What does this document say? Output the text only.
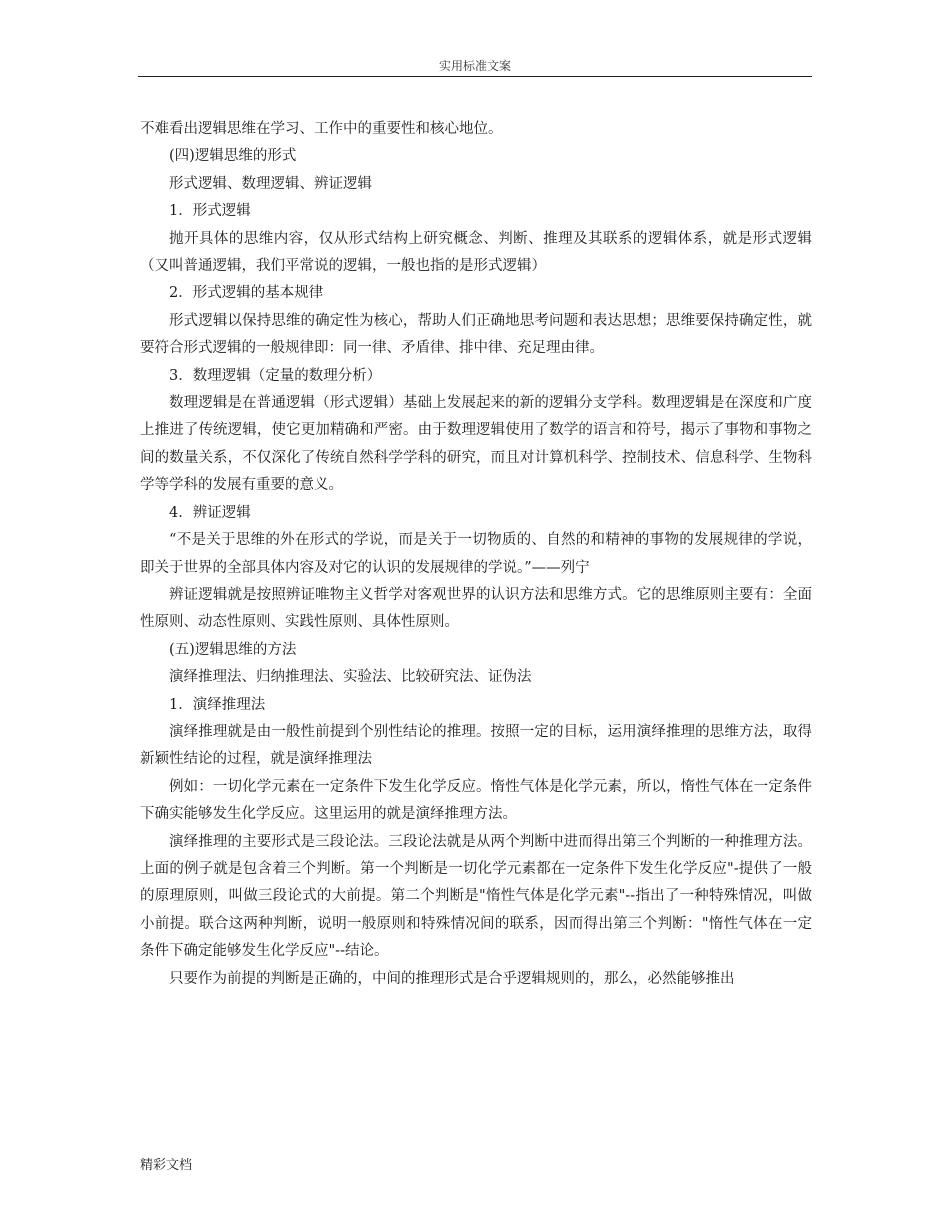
实用标准文案

不难看出逻辑思维在学习、工作中的重要性和核心地位。

(四)逻辑思维的形式

形式逻辑、数理逻辑、辨证逻辑

1．形式逻辑

抛开具体的思维内容，仅从形式结构上研究概念、判断、推理及其联系的逻辑体系，就是形式逻辑（又叫普通逻辑，我们平常说的逻辑，一般也指的是形式逻辑）

2．形式逻辑的基本规律

形式逻辑以保持思维的确定性为核心，帮助人们正确地思考问题和表达思想；思维要保持确定性，就要符合形式逻辑的一般规律即：同一律、矛盾律、排中律、充足理由律。

3．数理逻辑（定量的数理分析）

数理逻辑是在普通逻辑（形式逻辑）基础上发展起来的新的逻辑分支学科。数理逻辑是在深度和广度上推进了传统逻辑，使它更加精确和严密。由于数理逻辑使用了数学的语言和符号，揭示了事物和事物之间的数量关系，不仅深化了传统自然科学学科的研究，而且对计算机科学、控制技术、信息科学、生物科学等学科的发展有重要的意义。

4．辨证逻辑

“不是关于思维的外在形式的学说，而是关于一切物质的、自然的和精神的事物的发展规律的学说，即关于世界的全部具体内容及对它的认识的发展规律的学说。”——列宁

辨证逻辑就是按照辨证唯物主义哲学对客观世界的认识方法和思维方式。它的思维原则主要有：全面性原则、动态性原则、实践性原则、具体性原则。

(五)逻辑思维的方法

演绎推理法、归纳推理法、实验法、比较研究法、证伪法

1．演绎推理法

演绎推理就是由一般性前提到个别性结论的推理。按照一定的目标，运用演绎推理的思维方法，取得新颖性结论的过程，就是演绎推理法

例如：一切化学元素在一定条件下发生化学反应。惰性气体是化学元素，所以，惰性气体在一定条件下确实能够发生化学反应。这里运用的就是演绎推理方法。

演绎推理的主要形式是三段论法。三段论法就是从两个判断中进而得出第三个判断的一种推理方法。上面的例子就是包含着三个判断。第一个判断是一切化学元素都在一定条件下发生化学反应"-提供了一般的原理原则，叫做三段论式的大前提。第二个判断是"惰性气体是化学元素"--指出了一种特殊情况，叫做小前提。联合这两种判断，说明一般原则和特殊情况间的联系，因而得出第三个判断："惰性气体在一定条件下确定能够发生化学反应"--结论。

只要作为前提的判断是正确的，中间的推理形式是合乎逻辑规则的，那么，必然能够推出

精彩文档
